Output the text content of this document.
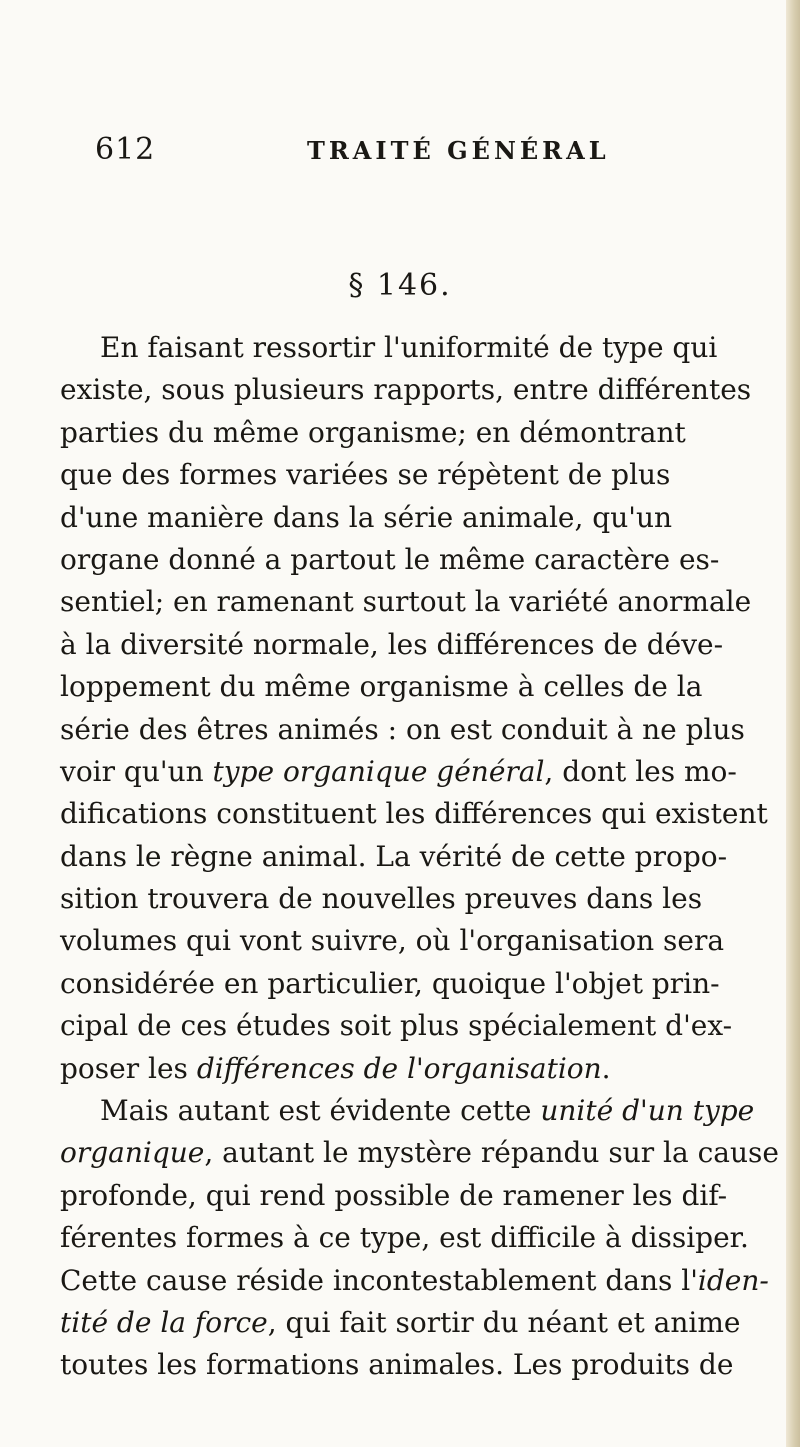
612	TRAITÉ GÉNÉRAL
§ 146.
En faisant ressortir l'uniformité de type qui
existe, sous plusieurs rapports, entre différentes
parties du même organisme; en démontrant
que des formes variées se répètent de plus
d'une manière dans la série animale, qu'un
organe donné a partout le même caractère es-
sentiel; en ramenant surtout la variété anormale
à la diversité normale, les différences de déve-
loppement du même organisme à celles de la
série des êtres animés : on est conduit à ne plus
voir qu'un type organique général, dont les mo-
difications constituent les différences qui existent
dans le règne animal. La vérité de cette propo-
sition trouvera de nouvelles preuves dans les
volumes qui vont suivre, où l'organisation sera
considérée en particulier, quoique l'objet prin-
cipal de ces études soit plus spécialement d'ex-
poser les différences de l'organisation.
Mais autant est évidente cette unité d'un type
organique, autant le mystère répandu sur la cause
profonde, qui rend possible de ramener les dif-
férentes formes à ce type, est difficile à dissiper.
Cette cause réside incontestablement dans l'iden-
tité de la force, qui fait sortir du néant et anime
toutes les formations animales. Les produits de
